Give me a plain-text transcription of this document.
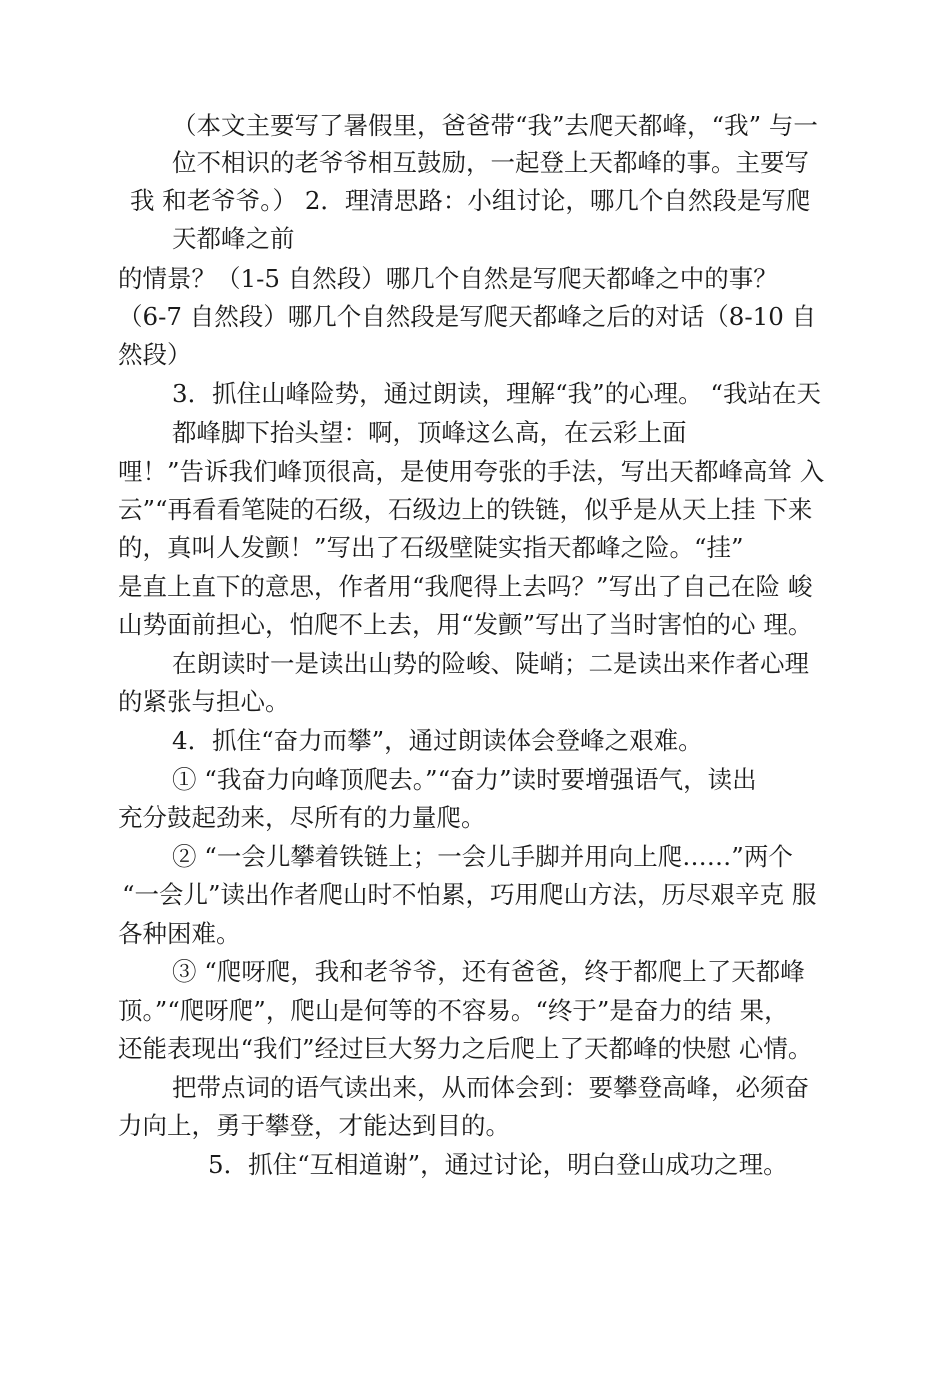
（本文主要写了暑假里，爸爸带“我”去爬天都峰，“我” 与一
位不相识的老爷爷相互鼓励，一起登上天都峰的事。主要写
我 和老爷爷。） 2．理清思路：小组讨论，哪几个自然段是写爬
天都峰之前
的情景？（1-5 自然段）哪几个自然是写爬天都峰之中的事？
（6-7 自然段）哪几个自然段是写爬天都峰之后的对话（8-10 自
然段）
3．抓住山峰险势，通过朗读，理解“我”的心理。 “我站在天
都峰脚下抬头望：啊，顶峰这么高，在云彩上面
哩！”告诉我们峰顶很高，是使用夸张的手法，写出天都峰高耸 入
云”“再看看笔陡的石级，石级边上的铁链，似乎是从天上挂 下来
的，真叫人发颤！”写出了石级壁陡实指天都峰之险。“挂”
是直上直下的意思，作者用“我爬得上去吗？”写出了自己在险 峻
山势面前担心，怕爬不上去，用“发颤”写出了当时害怕的心 理。
在朗读时一是读出山势的险峻、陡峭；二是读出来作者心理
的紧张与担心。
4．抓住“奋力而攀”，通过朗读体会登峰之艰难。
① “我奋力向峰顶爬去。”“奋力”读时要增强语气，读出
充分鼓起劲来，尽所有的力量爬。
② “一会儿攀着铁链上；一会儿手脚并用向上爬……”两个
“一会儿”读出作者爬山时不怕累，巧用爬山方法，历尽艰辛克 服
各种困难。
③ “爬呀爬，我和老爷爷，还有爸爸，终于都爬上了天都峰
顶。”“爬呀爬”，爬山是何等的不容易。“终于”是奋力的结 果，
还能表现出“我们”经过巨大努力之后爬上了天都峰的快慰 心情。
把带点词的语气读出来，从而体会到：要攀登高峰，必须奋
力向上，勇于攀登，才能达到目的。
5．抓住“互相道谢”，通过讨论，明白登山成功之理。
